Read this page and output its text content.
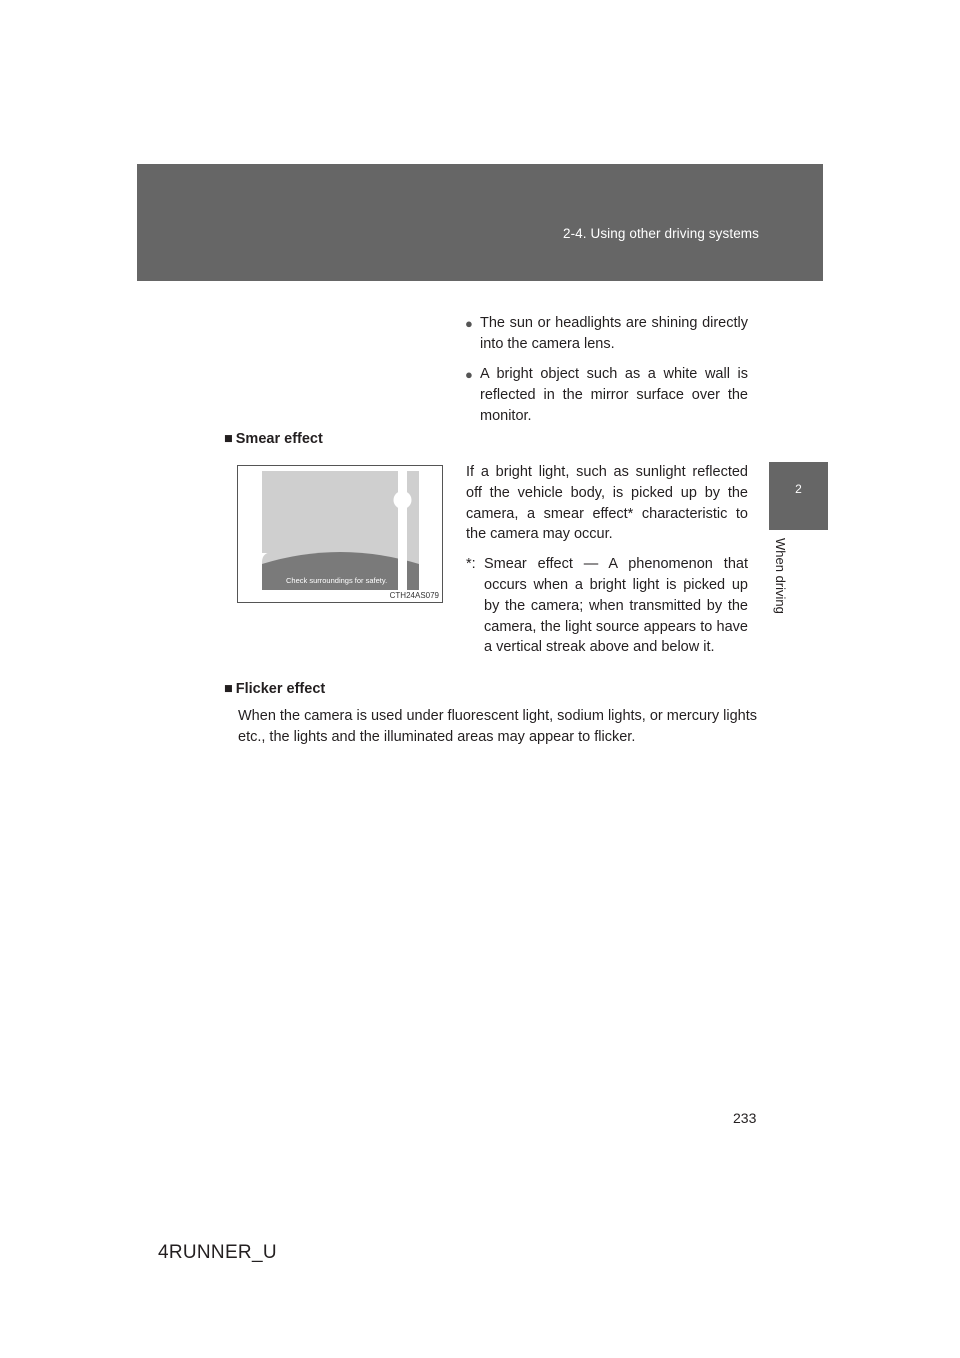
2-4. Using other driving systems
2
When driving
● The sun or headlights are shining directly into the camera lens.
● A bright object such as a white wall is reflected in the mirror surface over the monitor.
■ Smear effect
Check surroundings for safety.
CTH24AS079

If a bright light, such as sunlight reflected off the vehicle body, is picked up by the camera, a smear effect* characteristic to the camera may occur.

*: Smear effect — A phenomenon that occurs when a bright light is picked up by the camera; when transmitted by the camera, the light source appears to have a vertical streak above and below it.
■ Flicker effect
When the camera is used under fluorescent light, sodium lights, or mercury lights etc., the lights and the illuminated areas may appear to flicker.
233
4RUNNER_U
